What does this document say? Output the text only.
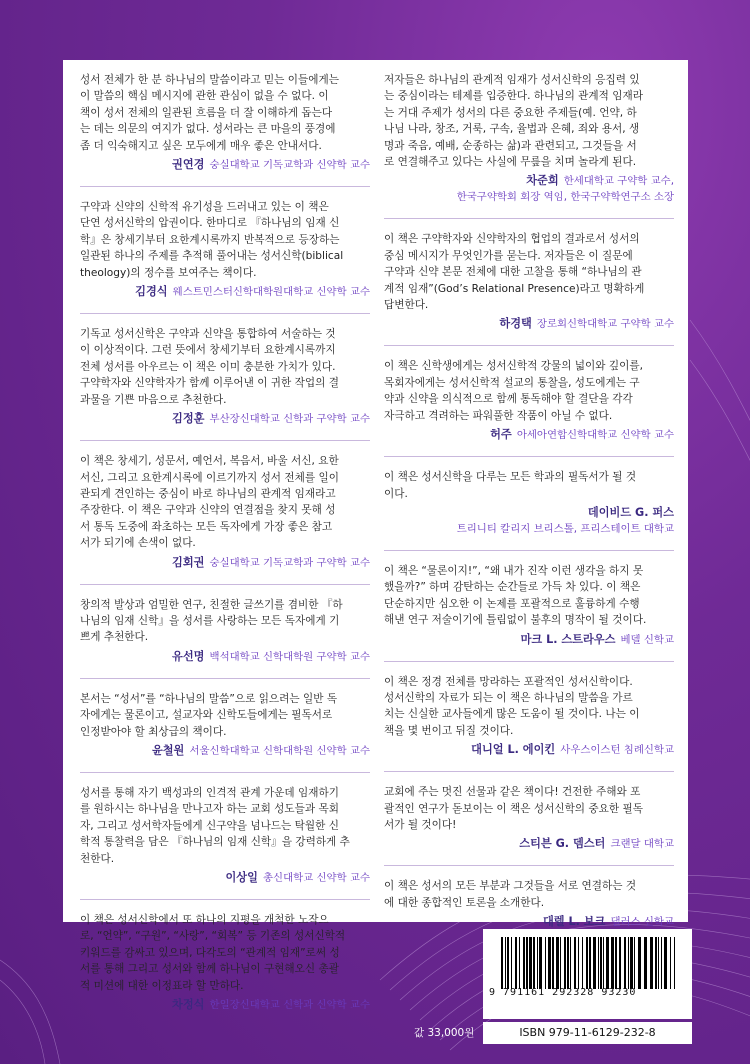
성서 전체가 한 분 하나님의 말씀이라고 믿는 이들에게는
이 말씀의 핵심 메시지에 관한 관심이 없을 수 없다. 이
책이 성서 전체의 일관된 흐름을 더 잘 이해하게 돕는다
는 데는 의문의 여지가 없다. 성서라는 큰 마을의 풍경에
좀 더 익숙해지고 싶은 모두에게 매우 좋은 안내서다.

권연경 숭실대학교 기독교학과 신약학 교수

구약과 신약의 신학적 유기성을 드러내고 있는 이 책은
단연 성서신학의 압권이다. 한마디로 『하나님의 임재 신
학』은 창세기부터 요한계시록까지 반복적으로 등장하는
일관된 하나의 주제를 추적해 풀어내는 성서신학(biblical
theology)의 정수를 보여주는 책이다.

김경식 웨스트민스터신학대학원대학교 신약학 교수

기독교 성서신학은 구약과 신약을 통합하여 서술하는 것
이 이상적이다. 그런 뜻에서 창세기부터 요한계시록까지
전체 성서를 아우르는 이 책은 이미 충분한 가치가 있다.
구약학자와 신약학자가 함께 이루어낸 이 귀한 작업의 결
과물을 기쁜 마음으로 추천한다.

김정훈 부산장신대학교 신학과 구약학 교수

이 책은 창세기, 성문서, 예언서, 복음서, 바울 서신, 요한
서신, 그리고 요한계시록에 이르기까지 성서 전체를 일이
관되게 견인하는 중심이 바로 하나님의 관계적 임재라고
주장한다. 이 책은 구약과 신약의 연결점을 찾지 못해 성
서 통독 도중에 좌초하는 모든 독자에게 가장 좋은 참고
서가 되기에 손색이 없다.

김회권 숭실대학교 기독교학과 구약학 교수

창의적 발상과 엄밀한 연구, 친절한 글쓰기를 겸비한 『하
나님의 임재 신학』을 성서를 사랑하는 모든 독자에게 기
쁘게 추천한다.

유선명 백석대학교 신학대학원 구약학 교수

본서는 “성서”를 “하나님의 말씀”으로 읽으려는 일반 독
자에게는 물론이고, 설교자와 신학도들에게는 필독서로
인정받아야 할 최상급의 책이다.

윤철원 서울신학대학교 신학대학원 신약학 교수

성서를 통해 자기 백성과의 인격적 관계 가운데 임재하기
를 원하시는 하나님을 만나고자 하는 교회 성도들과 목회
자, 그리고 성서학자들에게 신구약을 넘나드는 탁월한 신
학적 통찰력을 담은 『하나님의 임재 신학』을 강력하게 추
천한다.

이상일 총신대학교 신약학 교수

이 책은 성서신학에서 또 하나의 지평을 개척한 노작으
로, “언약”, “구원”, “사랑”, “회복” 등 기존의 성서신학적
키워드를 감싸고 있으며, 다각도의 “관계적 임재”로써 성
서를 통해 그리고 성서와 함께 하나님이 구현해오신 총괄
적 미션에 대한 이정표라 할 만하다.

차정식 한일장신대학교 신학과 신약학 교수

저자들은 하나님의 관계적 임재가 성서신학의 응집력 있
는 중심이라는 테제를 입증한다. 하나님의 관계적 임재라
는 거대 주제가 성서의 다른 중요한 주제들(예. 언약, 하
나님 나라, 창조, 거룩, 구속, 율법과 은혜, 죄와 용서, 생
명과 죽음, 예배, 순종하는 삶)과 관련되고, 그것들을 서
로 연결해주고 있다는 사실에 무릎을 치며 놀라게 된다.

차준희 한세대학교 구약학 교수,
한국구약학회 회장 역임, 한국구약학연구소 소장

이 책은 구약학자와 신약학자의 협업의 결과로서 성서의
중심 메시지가 무엇인가를 묻는다. 저자들은 이 질문에
구약과 신약 본문 전체에 대한 고찰을 통해 “하나님의 관
계적 임재”(God’s Relational Presence)라고 명확하게
답변한다.

하경택 장로회신학대학교 구약학 교수

이 책은 신학생에게는 성서신학적 강물의 넓이와 깊이를,
목회자에게는 성서신학적 설교의 통찰을, 성도에게는 구
약과 신약을 의식적으로 함께 통독해야 할 결단을 각각
자극하고 격려하는 파워풀한 작품이 아닐 수 없다.

허주 아세아연합신학대학교 신약학 교수

이 책은 성서신학을 다루는 모든 학과의 필독서가 될 것
이다.

데이비드 G. 퍼스
트리니티 칼리지 브리스톨, 프리스테이트 대학교

이 책은 “물론이지!”, “왜 내가 진작 이런 생각을 하지 못
했을까?” 하며 감탄하는 순간들로 가득 차 있다. 이 책은
단순하지만 심오한 이 논제를 포괄적으로 훌륭하게 수행
해낸 연구 저술이기에 틀림없이 불후의 명작이 될 것이다.

마크 L. 스트라우스 베델 신학교

이 책은 정경 전체를 망라하는 포괄적인 성서신학이다.
성서신학의 자료가 되는 이 책은 하나님의 말씀을 가르
치는 신실한 교사들에게 많은 도움이 될 것이다. 나는 이
책을 몇 번이고 뒤질 것이다.

대니얼 L. 에이킨 사우스이스턴 침례신학교

교회에 주는 멋진 선물과 같은 책이다! 건전한 주해와 포
괄적인 연구가 돋보이는 이 책은 성서신학의 중요한 필독
서가 될 것이다!

스티븐 G. 뎀스터 크랜달 대학교

이 책은 성서의 모든 부분과 그것들을 서로 연결하는 것
에 대한 종합적인 토론을 소개한다.

대렐 L. 보크 댈러스 신학교
9 791161 292328 93230
ISBN 979-11-6129-232-8
값 33,000원
